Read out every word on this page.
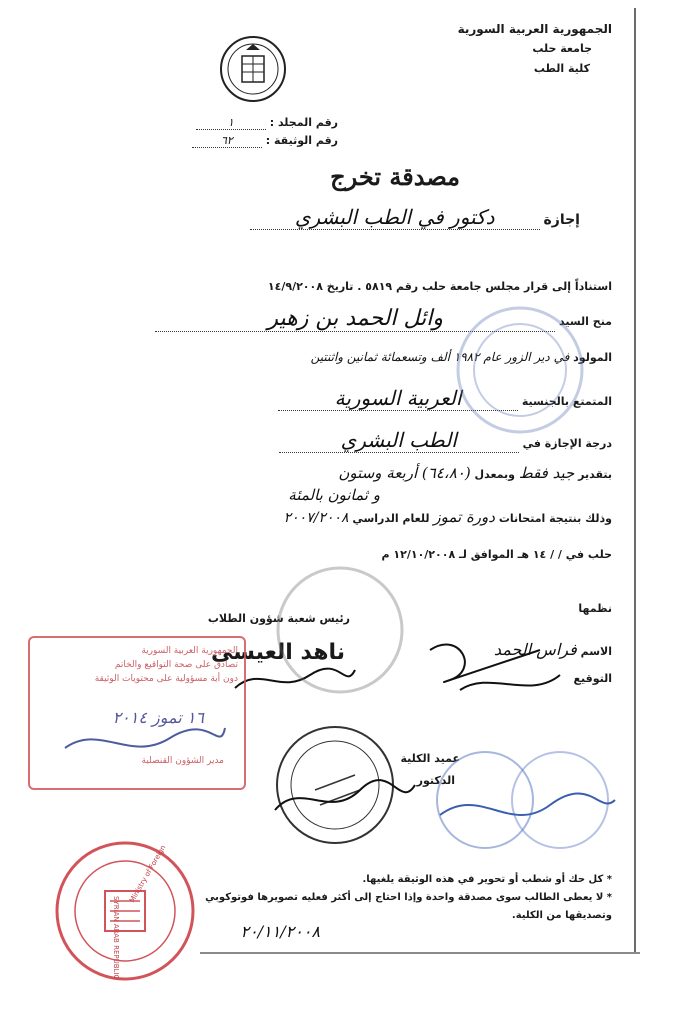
الجمهورية العربية السورية
جامعة حلب
كلية الطب
رقم المجلد : ١
رقم الوثيقة : ٦٢
مصدقة تخرج
إجازة دكتور في الطب البشري
استناداً إلى قرار مجلس جامعة حلب رقم ٥٨١٩ . تاريخ ١٤/٩/٢٠٠٨
منح السيد وائل الحمد بن زهير
المولود في دير الزور عام ١٩٨٢ ألف وتسعمائة ثمانين واثنتين
المتمتع بالجنسية العربية السورية
درجة الإجازة في الطب البشري
بتقدير جيد فقط وبمعدل (٦٤،٨٠) أربعة وستون
و ثمانون بالمئة
وذلك بنتيجة امتحانات دورة تموز للعام الدراسي ٢٠٠٧/٢٠٠٨
حلب في / / ١٤ هـ الموافق لـ ١٢/١٠/٢٠٠٨ م
نظمها
الاسم فراس الحمد
التوقيع
رئيس شعبة شؤون الطلاب
ناهد العيسى
عميد الكلية
الدكتور
الجمهورية العربية السورية
تصادق على صحة التواقيع والخاتم
دون أية مسؤولية على محتويات الوثيقة
١٦ تموز ٢٠١٤
مدير الشؤون القنصلية
SYRIAN ARAB REPUBLIC
Ministry of Foreign	* كل حك أو شطب أو تحوير في هذه الوثيقة يلغيها.
* لا يعطى الطالب سوى مصدقة واحدة وإذا احتاج إلى أكثر فعليه تصويرها فوتوكوبي
وتصديقها من الكلية.
٢٠/١١/٢٠٠٨
